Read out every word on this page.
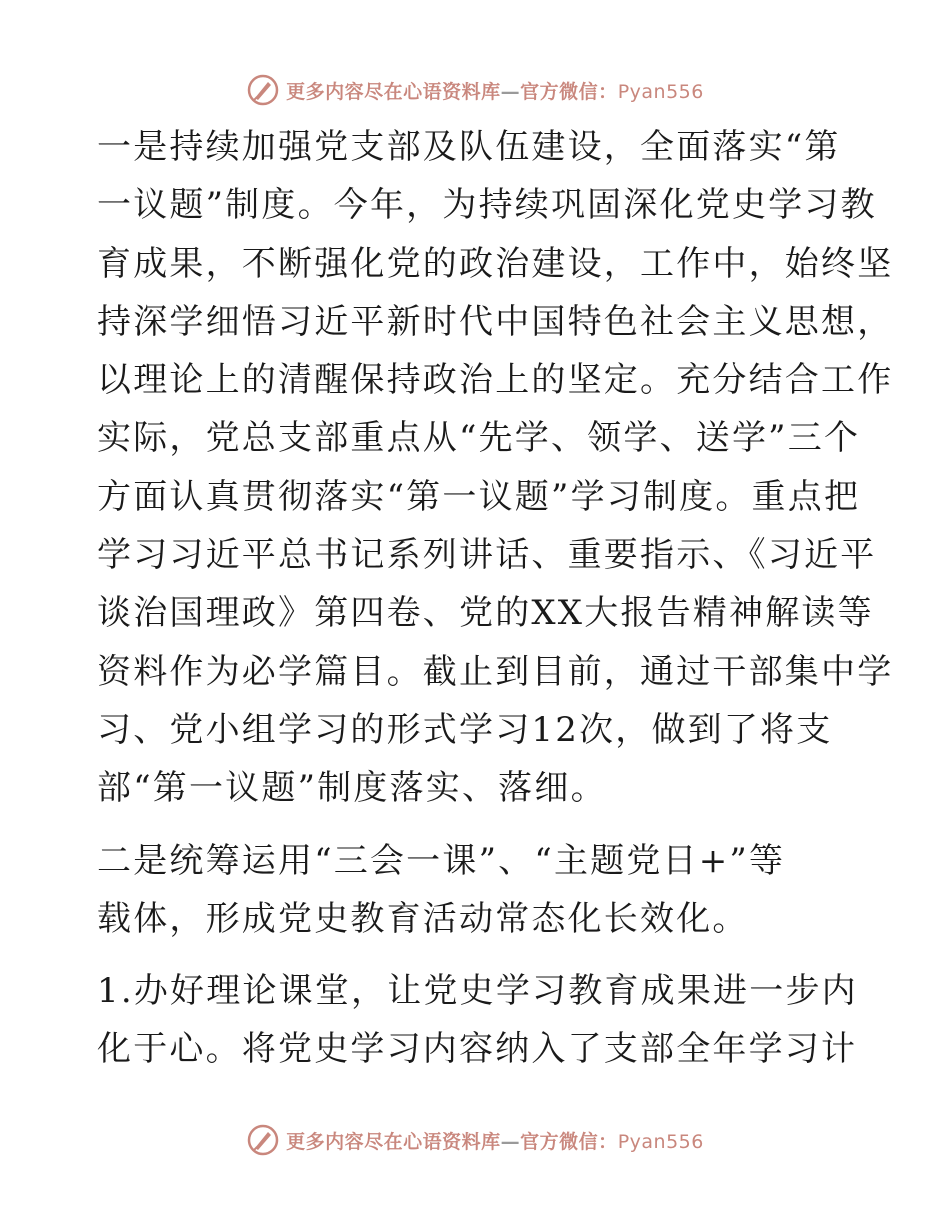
更多内容尽在心语资料库—官方微信：Pyan556

一是持续加强党支部及队伍建设，全面落实“第
一议题”制度。今年，为持续巩固深化党史学习教
育成果，不断强化党的政治建设，工作中，始终坚
持深学细悟习近平新时代中国特色社会主义思想，
以理论上的清醒保持政治上的坚定。充分结合工作
实际，党总支部重点从“先学、领学、送学”三个
方面认真贯彻落实“第一议题”学习制度。重点把
学习习近平总书记系列讲话、重要指示、《习近平
谈治国理政》第四卷、党的XX大报告精神解读等
资料作为必学篇目。截止到目前，通过干部集中学
习、党小组学习的形式学习12次，做到了将支
部“第一议题”制度落实、落细。

二是统筹运用“三会一课”、“主题党日+”等
载体，形成党史教育活动常态化长效化。

1.办好理论课堂，让党史学习教育成果进一步内
化于心。将党史学习内容纳入了支部全年学习计

更多内容尽在心语资料库—官方微信：Pyan556
